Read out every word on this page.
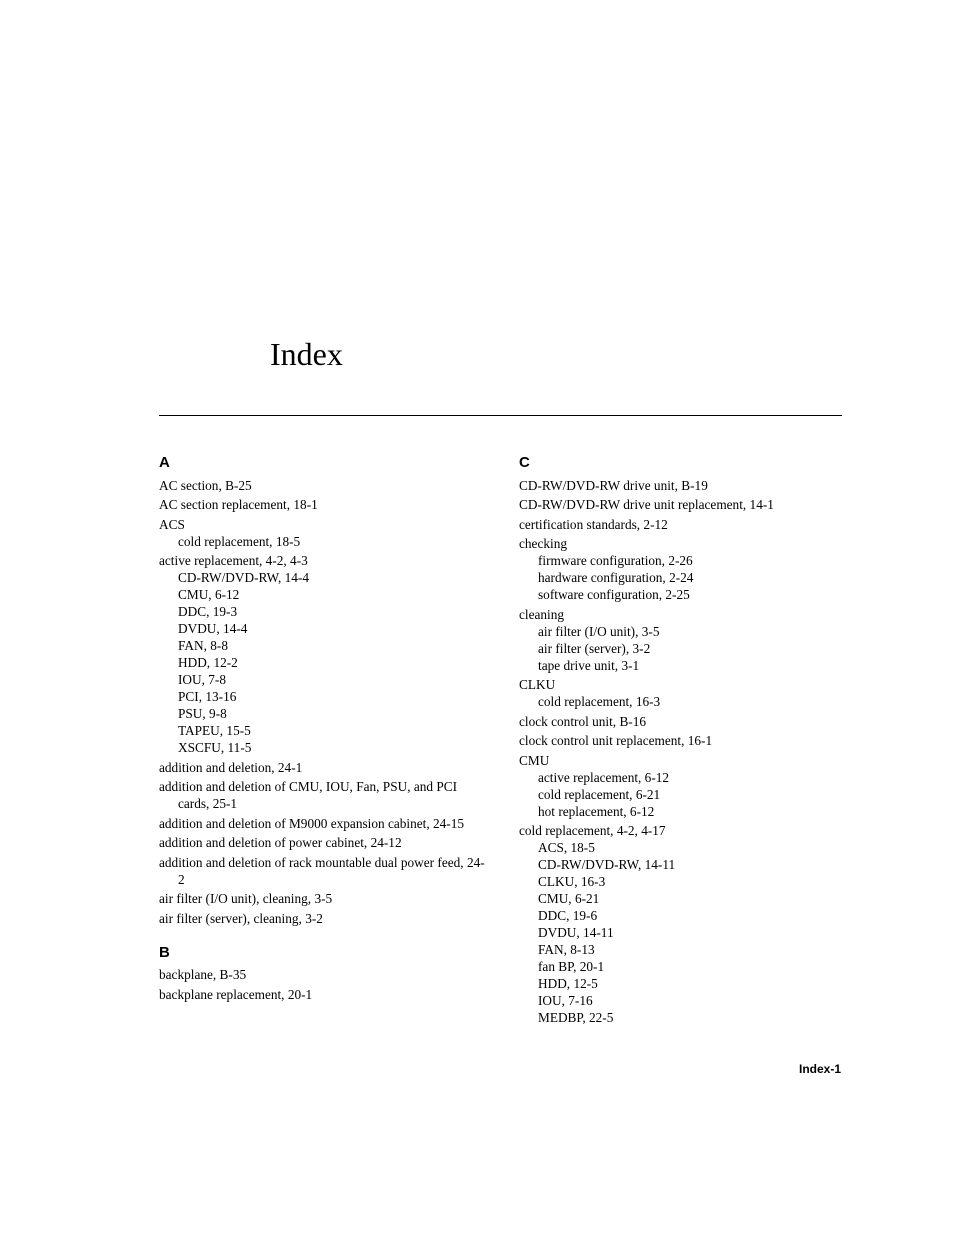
Index
A
AC section, B-25
AC section replacement, 18-1
ACS
cold replacement, 18-5
active replacement, 4-2, 4-3
CD-RW/DVD-RW, 14-4
CMU, 6-12
DDC, 19-3
DVDU, 14-4
FAN, 8-8
HDD, 12-2
IOU, 7-8
PCI, 13-16
PSU, 9-8
TAPEU, 15-5
XSCFU, 11-5
addition and deletion, 24-1
addition and deletion of CMU, IOU, Fan, PSU, and PCI cards, 25-1
addition and deletion of M9000 expansion cabinet, 24-15
addition and deletion of power cabinet, 24-12
addition and deletion of rack mountable dual power feed, 24-2
air filter (I/O unit), cleaning, 3-5
air filter (server), cleaning, 3-2
B
backplane, B-35
backplane replacement, 20-1
C
CD-RW/DVD-RW drive unit, B-19
CD-RW/DVD-RW drive unit replacement, 14-1
certification standards, 2-12
checking
firmware configuration, 2-26
hardware configuration, 2-24
software configuration, 2-25
cleaning
air filter (I/O unit), 3-5
air filter (server), 3-2
tape drive unit, 3-1
CLKU
cold replacement, 16-3
clock control unit, B-16
clock control unit replacement, 16-1
CMU
active replacement, 6-12
cold replacement, 6-21
hot replacement, 6-12
cold replacement, 4-2, 4-17
ACS, 18-5
CD-RW/DVD-RW, 14-11
CLKU, 16-3
CMU, 6-21
DDC, 19-6
DVDU, 14-11
FAN, 8-13
fan BP, 20-1
HDD, 12-5
IOU, 7-16
MEDBP, 22-5
Index-1
